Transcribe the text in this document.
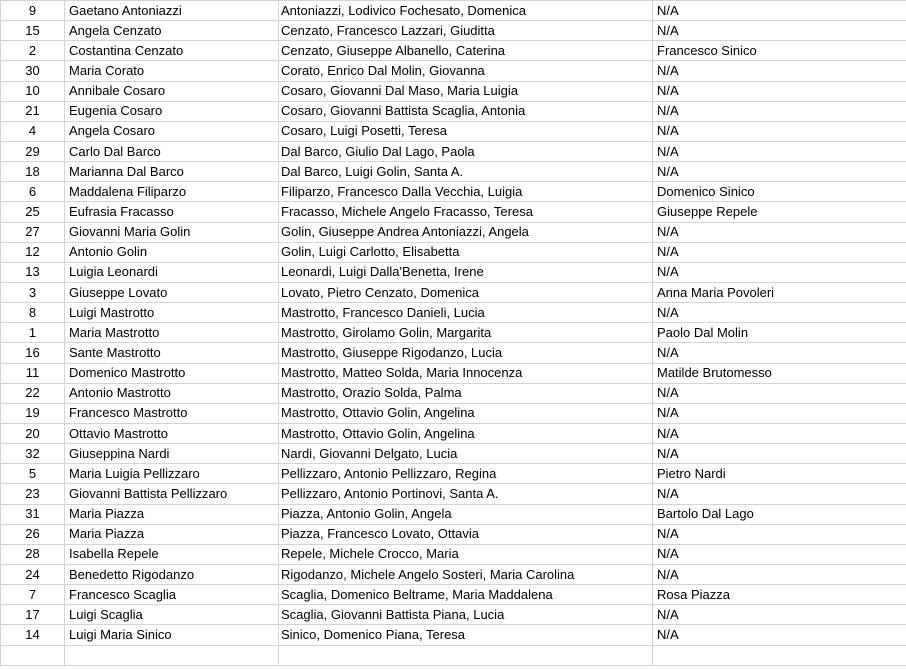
9	Gaetano Antoniazzi	Antoniazzi, Lodivico Fochesato, Domenica	N/A
15	Angela Cenzato	Cenzato, Francesco Lazzari, Giuditta	N/A
2	Costantina Cenzato	Cenzato, Giuseppe Albanello, Caterina	Francesco Sinico
30	Maria Corato	Corato, Enrico Dal Molin, Giovanna	N/A
10	Annibale Cosaro	Cosaro, Giovanni Dal Maso, Maria Luigia	N/A
21	Eugenia Cosaro	Cosaro, Giovanni Battista Scaglia, Antonia	N/A
4	Angela Cosaro	Cosaro, Luigi Posetti, Teresa	N/A
29	Carlo Dal Barco	Dal Barco, Giulio Dal Lago, Paola	N/A
18	Marianna Dal Barco	Dal Barco, Luigi Golin, Santa A.	N/A
6	Maddalena Filiparzo	Filiparzo, Francesco Dalla Vecchia, Luigia	Domenico Sinico
25	Eufrasia Fracasso	Fracasso, Michele Angelo Fracasso, Teresa	Giuseppe Repele
27	Giovanni Maria Golin	Golin, Giuseppe Andrea Antoniazzi, Angela	N/A
12	Antonio Golin	Golin, Luigi Carlotto, Elisabetta	N/A
13	Luigia Leonardi	Leonardi, Luigi Dalla'Benetta, Irene	N/A
3	Giuseppe Lovato	Lovato, Pietro Cenzato, Domenica	Anna Maria Povoleri
8	Luigi Mastrotto	Mastrotto, Francesco Danieli, Lucia	N/A
1	Maria Mastrotto	Mastrotto, Girolamo Golin, Margarita	Paolo Dal Molin
16	Sante Mastrotto	Mastrotto, Giuseppe Rigodanzo, Lucia	N/A
11	Domenico Mastrotto	Mastrotto, Matteo Solda, Maria Innocenza	Matilde Brutomesso
22	Antonio Mastrotto	Mastrotto, Orazio Solda, Palma	N/A
19	Francesco Mastrotto	Mastrotto, Ottavio Golin, Angelina	N/A
20	Ottavio Mastrotto	Mastrotto, Ottavio Golin, Angelina	N/A
32	Giuseppina Nardi	Nardi, Giovanni Delgato, Lucia	N/A
5	Maria Luigia Pellizzaro	Pellizzaro, Antonio Pellizzaro, Regina	Pietro Nardi
23	Giovanni Battista Pellizzaro	Pellizzaro, Antonio Portinovi, Santa A.	N/A
31	Maria Piazza	Piazza, Antonio Golin, Angela	Bartolo Dal Lago
26	Maria Piazza	Piazza, Francesco Lovato, Ottavia	N/A
28	Isabella Repele	Repele, Michele Crocco, Maria	N/A
24	Benedetto Rigodanzo	Rigodanzo, Michele Angelo Sosteri, Maria Carolina	N/A
7	Francesco Scaglia	Scaglia, Domenico Beltrame, Maria Maddalena	Rosa Piazza
17	Luigi Scaglia	Scaglia, Giovanni Battista Piana, Lucia	N/A
14	Luigi Maria Sinico	Sinico, Domenico Piana, Teresa	N/A
